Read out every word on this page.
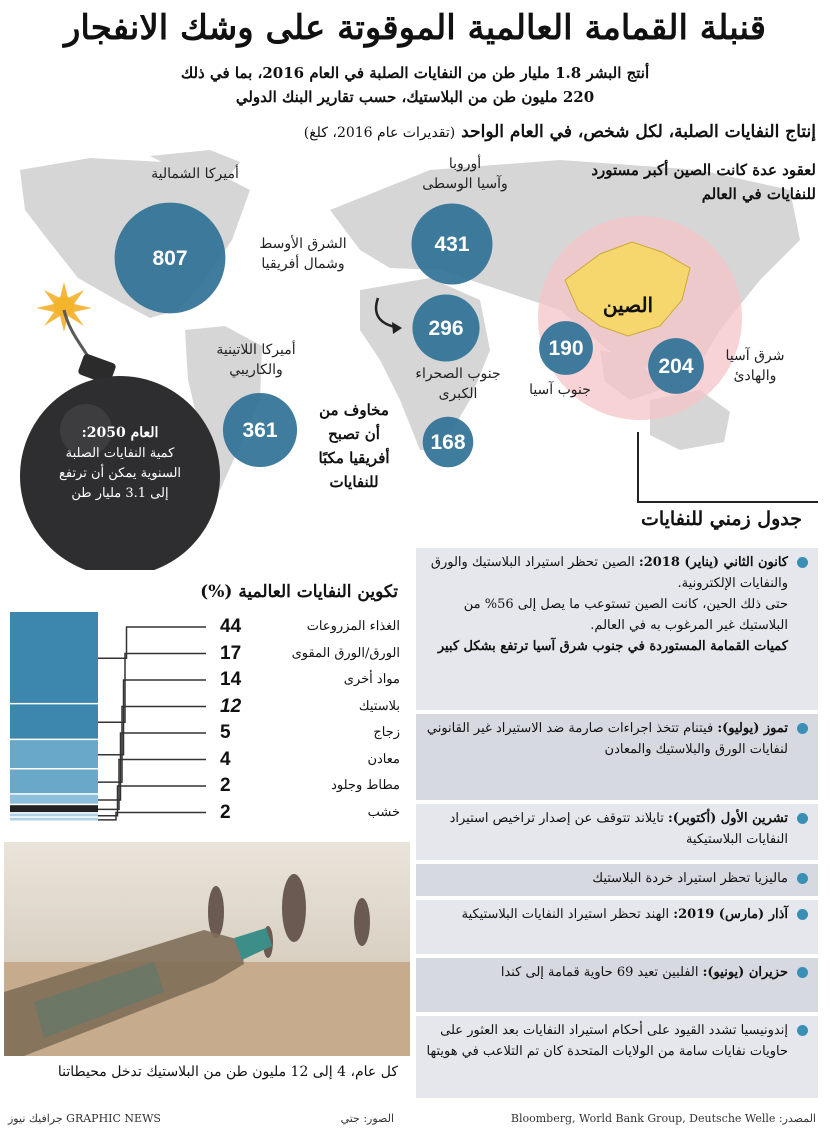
قنبلة القمامة العالمية الموقوتة على وشك الانفجار
أنتج البشر 1.8 مليار طن من النفايات الصلبة في العام 2016، بما في ذلك
220 مليون طن من البلاستيك، حسب تقارير البنك الدولي
إنتاج النفايات الصلبة، لكل شخص، في العام الواحد (تقديرات عام 2016، كلغ)
الصين
807
431
296
361
168
190
204
أميركا الشمالية
أوروبا
وآسيا الوسطى
الشرق الأوسط
وشمال أفريقيا
أميركا اللاتينية
والكاريبي	جنوب الصحراء
الكبرى	جنوب آسيا
شرق آسيا
والهادئ
لعقود عدة كانت الصين أكبر مستورد للنفايات في العالم
مخاوف من أن تصبح أفريقيا مكبًا للنفايات
العام 2050:
كمية النفايات الصلبة السنوية يمكن أن ترتفع إلى 3.1 مليار طن
جدول زمني للنفايات
كانون الثاني (يناير) 2018: الصين تحظر استيراد البلاستيك والورق والنفايات الإلكترونية.
حتى ذلك الحين، كانت الصين تستوعب ما يصل إلى 56% من البلاستيك غير المرغوب به في العالم.
كميات القمامة المستوردة في جنوب شرق آسيا ترتفع بشكل كبير
تموز (يوليو): فيتنام تتخذ اجراءات صارمة ضد الاستيراد غير القانوني لنفايات الورق والبلاستيك والمعادن
تشرين الأول (أكتوبر): تايلاند تتوقف عن إصدار تراخيص استيراد النفايات البلاستيكية
ماليزيا تحظر استيراد خردة البلاستيك
آذار (مارس) 2019: الهند تحظر استيراد النفايات البلاستيكية
حزيران (يونيو): الفلبين تعيد 69 حاوية قمامة إلى كندا
إندونيسيا تشدد القيود على أحكام استيراد النفايات بعد العثور على حاويات نفايات سامة من الولايات المتحدة كان تم التلاعب في هويتها
تكوين النفايات العالمية (%)
الغذاء المزروعات
44
الورق/الورق المقوى
17
مواد أخرى
14
بلاستيك
12
زجاج
5
معادن
4
مطاط وجلود
2
خشب
2
كل عام، 4 إلى 12 مليون طن من البلاستيك تدخل محيطاتنا
المصدر: Bloomberg, World Bank Group, Deutsche Welle
الصور: جتي
GRAPHIC NEWS جرافيك نيوز
